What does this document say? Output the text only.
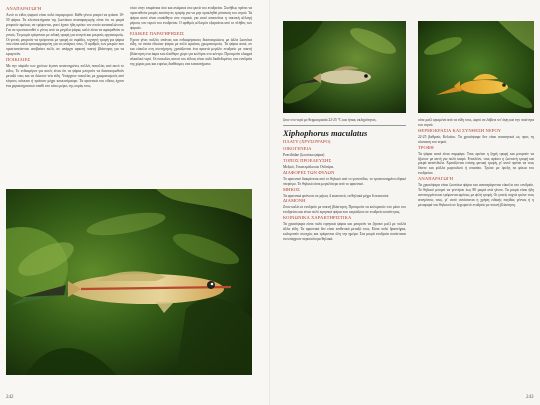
ΑΝΑΠΑΡΑΓΩΓΗ

Αυτό το είδος ψαριού είναι πολύ παραγωγικό. Κάθε γέννα μπορεί να φτάσει 10-50 ψάρια. Τα πλεονεκτήματα της ζωοτόκου αναπαραγωγής είναι ότι τα μικρά μπορούν αμέσως να τρέφονται, γιατί έχουν ήδη κρόκο τον οποίο καταναλώνουν. Για να προστατευθεί ο γόνος από τα μεγάλα ψάρια, καλό είναι να αφαιρεθούν οι γονείς. Τα μικρά τρέφονται με ειδική τροφή για νεογνά και μικρούς οργανισμούς. Οι γονείς μπορούν να τρέφονται με τροφή σε νιφάδες, τεχνητή τροφή για ψάρια που είναι καλά προσαρμοσμένη για τις ανάγκες τους. Ο αριθμός των μικρών που προστατεύονται ανεβαίνει πολύ, αν υπάρχει αρκετή πυκνή βλάστηση για να κρυφτούν.

ΠΟΙΚΙΛΙΕΣ

Με την πάροδο των χρόνων έγιναν αναπτυγμένες πολλές ποικιλίες από αυτό το είδος. Το ενδιαφέρον για αυτές είναι ότι τα ψάρια μπορούν να διασταυρωθούν μεταξύ τους και να δώσουν νέα είδη. Υπάρχουν ποικιλίες με χρωματισμούς από κίτρινο, κόκκινο ή πράσινο μέχρι κοκκινόμαυρο. Τα αρσενικά του είδους έχουν ένα χαρακτηριστικό σπαθί στο κάτω μέρος της ουράς τους.

τόσο στην επιφάνεια όσο και ανάμεσα στα φυτά του ενυδρείου. Συνήθως πρέπει να προστεθούν μικρές ποσότητες τροφής για να μην προκληθεί ρύπανση του νερού. Τα ψάρια αυτά είναι ευαίσθητα στα νιτρικά, για αυτό απαιτείται η τακτική αλλαγή μέρους του νερού του ενυδρείου. Ο αριθμός αλλαγών εξαρτάται από το πλήθος των ψαριών.

ΕΙΔΙΚΕΣ ΠΑΡΑΤΗΡΗΣΕΙΣ

Έχουν γίνει πολλές σπάνιες και ενδιαφέρουσες διασταυρώσεις με άλλα ζωοτόκα είδη, τα οποία έδωσαν ψάρια με πολύ ωραίους χρωματισμούς. Τα ψάρια αυτά, αν και εύκολα στη συντήρηση, χρειάζονται ένα αρκετά μεγάλο ενυδρείο με πυκνή βλάστηση στα άκρα και ελεύθερο χώρο για κολύμπι στο κέντρο. Προτιμούν ελαφρά αλκαλικό νερό. Οι ποικιλίες αυτού του είδους είναι πολύ διαδεδομένες στα ενυδρεία της χώρας μας και ευρέως διαθέσιμες στα καταστήματα.

242

ζουν στο νερό με θερμοκρασία 22-25 °C και ήπιας σκληρότητας.

Xiphophorus maculatus

ΠΛΑΤΥ (ΧΡΥΣΟΨΑΡΟ)

ΟΙΚΟΓΕΝΕΙΑ

Poeciliidae (ζωοτόκα ψάρια)

ΤΟΠΟΣ ΠΡΟΕΛΕΥΣΗΣ

Μεξικό, Γουατεμάλα και Ονδούρα.

ΔΙΑΦΟΡΕΣ ΤΩΝ ΦΥΛΩΝ

Το αρσενικό διακρίνεται από το θηλυκό από το γονοπόδιο, το τροποποιημένο εδρικό πτερύγιο. Το θηλυκό είναι μεγαλύτερο από το αρσενικό.

ΜΗΚΟΣ

Τα αρσενικά φτάνουν σε μήκος 4 εκατοστά, τα θηλυκά μέχρι 6 εκατοστά.

ΔΙΑΜΟΝΗ

Ζουν καλά σε ενυδρείο με πυκνή βλάστηση. Προτιμούν να κολυμπούν στο μέσο του ενυδρείου και είναι πολύ ειρηνικά ψάρια που ταιριάζουν σε ενυδρείο κοινότητας.

ΚΟΙΝΩΝΙΚΑ ΧΑΡΑΚΤΗΡΙΣΤΙΚΑ

Τα χρυσόψαρα είναι πολύ ειρηνικά ψάρια και μπορούν να ζήσουν μαζί με πολλά άλλα είδη. Τα αρσενικά δεν είναι επιθετικά μεταξύ τους. Είναι πολύ δραστήρια, κολυμπούν συνεχώς και τρέφονται όλη την ημέρα. Στα μικρά ενυδρεία συνίσταται να υπάρχουν περισσότερα θηλυκά.

ούτε μαζί ορισμένα από τα είδη τους, αφού να λάβετε υπ' όψη και την ποιότητα του νερού.

ΘΕΡΜΟΚΡΑΣΙΑ ΚΑΙ ΣΥΝΘΕΣΗ ΝΕΡΟΥ

22-25 βαθμούς Κελσίου. Τα χρυσόψαρα δεν είναι απαιτητικά ως προς τη σύσταση του νερού.

ΤΡΟΦΗ

Τα ψάρια αυτά είναι παμφάγα. Τους αρέσει η ξηρή τροφή και μπορούν να ζήσουν με αυτή για πολύ καιρό. Επιπλέον, τους αρέσει η ζωντανή τροφή και μικρά ασπόνδυλα. Χρειάζονται επίσης φυτική τροφή, γι' αυτό πρέπει να τους δίνετε και φύλλα μαρουλιού ή σπανάκι. Τρώνε με όρεξη τα φύκια του ενυδρείου.

ΑΝΑΠΑΡΑΓΩΓΗ

Τα χρυσόψαρα είναι ζωοτόκα ψάρια και αναπαράγονται εύκολα στο ενυδρείο. Το θηλυκό μπορεί να γεννήσει έως 80 μικρά ανά γέννα. Τα μικρά είναι ήδη ανεπτυγμένα και τρέφονται αμέσως με ψιλή τροφή. Οι γονείς συχνά τρώνε τους απογόνους τους, γι' αυτό συνίσταται η χρήση ειδικής παγίδας γέννας ή η μεταφορά του θηλυκού σε ξεχωριστό ενυδρείο με πυκνή βλάστηση.

243
